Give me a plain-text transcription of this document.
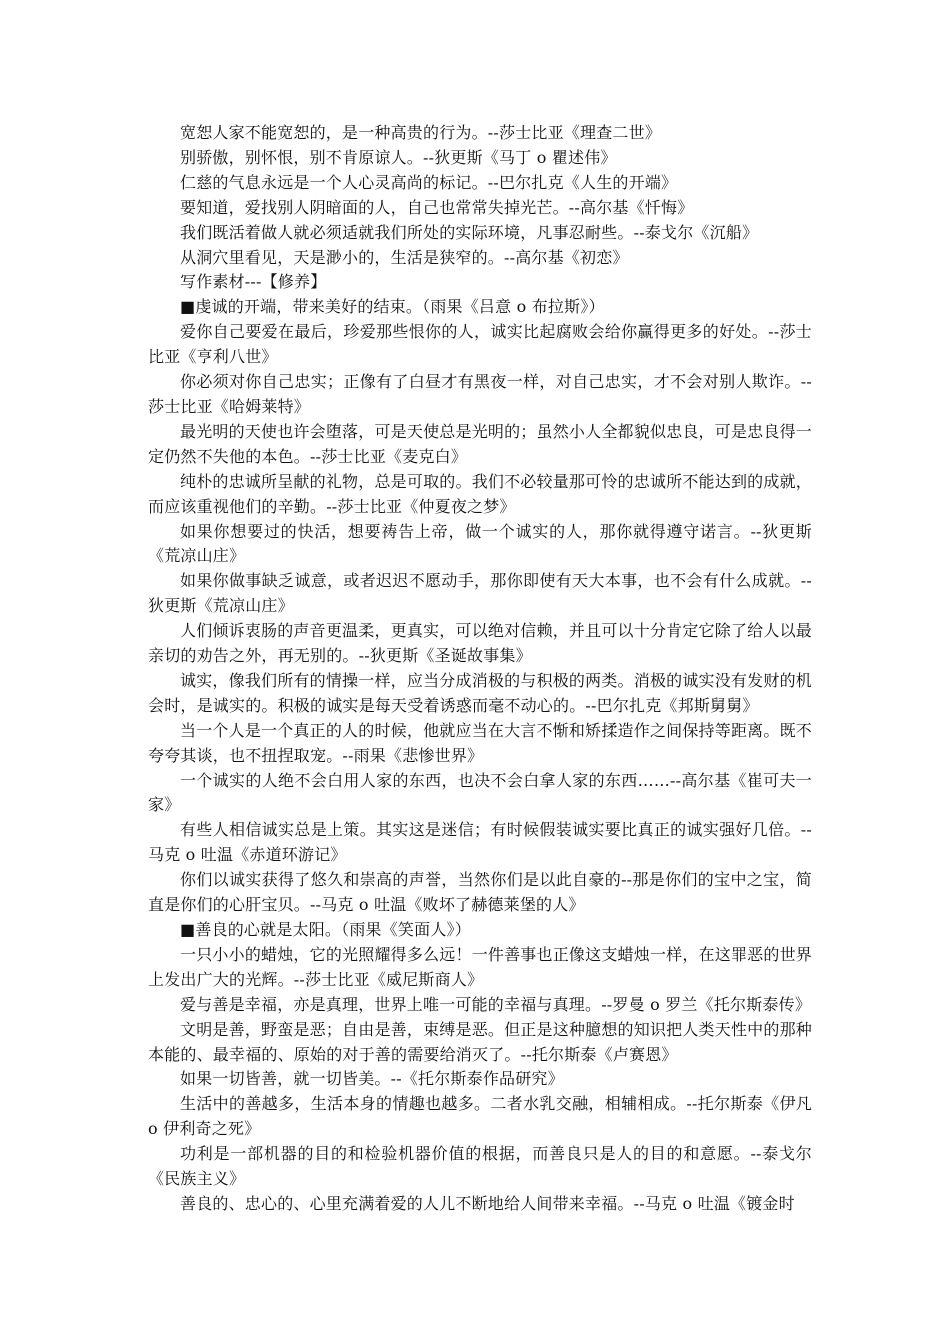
宽恕人家不能宽恕的，是一种高贵的行为。--莎士比亚《理查二世》

别骄傲，别怀恨，别不肯原谅人。--狄更斯《马丁 o 瞿述伟》

仁慈的气息永远是一个人心灵高尚的标记。--巴尔扎克《人生的开端》

要知道，爱找别人阴暗面的人，自己也常常失掉光芒。--高尔基《忏悔》

我们既活着做人就必须适就我们所处的实际环境，凡事忍耐些。--泰戈尔《沉船》

从洞穴里看见，天是渺小的，生活是狭窄的。--高尔基《初恋》

写作素材---【修养】

■虔诚的开端，带来美好的结束。（雨果《吕意 o 布拉斯》）

爱你自己要爱在最后，珍爱那些恨你的人，诚实比起腐败会给你赢得更多的好处。--莎士比亚《亨利八世》

你必须对你自己忠实；正像有了白昼才有黑夜一样，对自己忠实，才不会对别人欺诈。--莎士比亚《哈姆莱特》

最光明的天使也许会堕落，可是天使总是光明的；虽然小人全都貌似忠良，可是忠良得一定仍然不失他的本色。--莎士比亚《麦克白》

纯朴的忠诚所呈献的礼物，总是可取的。我们不必较量那可怜的忠诚所不能达到的成就，而应该重视他们的辛勤。--莎士比亚《仲夏夜之梦》

如果你想要过的快活，想要祷告上帝，做一个诚实的人，那你就得遵守诺言。--狄更斯《荒凉山庄》

如果你做事缺乏诚意，或者迟迟不愿动手，那你即使有天大本事，也不会有什么成就。--狄更斯《荒凉山庄》

人们倾诉衷肠的声音更温柔，更真实，可以绝对信赖，并且可以十分肯定它除了给人以最亲切的劝告之外，再无别的。--狄更斯《圣诞故事集》

诚实，像我们所有的情操一样，应当分成消极的与积极的两类。消极的诚实没有发财的机会时，是诚实的。积极的诚实是每天受着诱惑而毫不动心的。--巴尔扎克《邦斯舅舅》

当一个人是一个真正的人的时候，他就应当在大言不惭和矫揉造作之间保持等距离。既不夸夸其谈，也不扭捏取宠。--雨果《悲惨世界》

一个诚实的人绝不会白用人家的东西，也决不会白拿人家的东西……--高尔基《崔可夫一家》

有些人相信诚实总是上策。其实这是迷信；有时候假装诚实要比真正的诚实强好几倍。--马克 o 吐温《赤道环游记》

你们以诚实获得了悠久和崇高的声誉，当然你们是以此自豪的--那是你们的宝中之宝，简直是你们的心肝宝贝。--马克 o 吐温《败坏了赫德莱堡的人》

■善良的心就是太阳。（雨果《笑面人》）

一只小小的蜡烛，它的光照耀得多么远！一件善事也正像这支蜡烛一样，在这罪恶的世界上发出广大的光辉。--莎士比亚《威尼斯商人》

爱与善是幸福，亦是真理，世界上唯一可能的幸福与真理。--罗曼 o 罗兰《托尔斯泰传》

文明是善，野蛮是恶；自由是善，束缚是恶。但正是这种臆想的知识把人类天性中的那种本能的、最幸福的、原始的对于善的需要给消灭了。--托尔斯泰《卢赛恩》

如果一切皆善，就一切皆美。--《托尔斯泰作品研究》

生活中的善越多，生活本身的情趣也越多。二者水乳交融，相辅相成。--托尔斯泰《伊凡 o 伊利奇之死》

功利是一部机器的目的和检验机器价值的根据，而善良只是人的目的和意愿。--泰戈尔《民族主义》

善良的、忠心的、心里充满着爱的人儿不断地给人间带来幸福。--马克 o 吐温《镀金时
